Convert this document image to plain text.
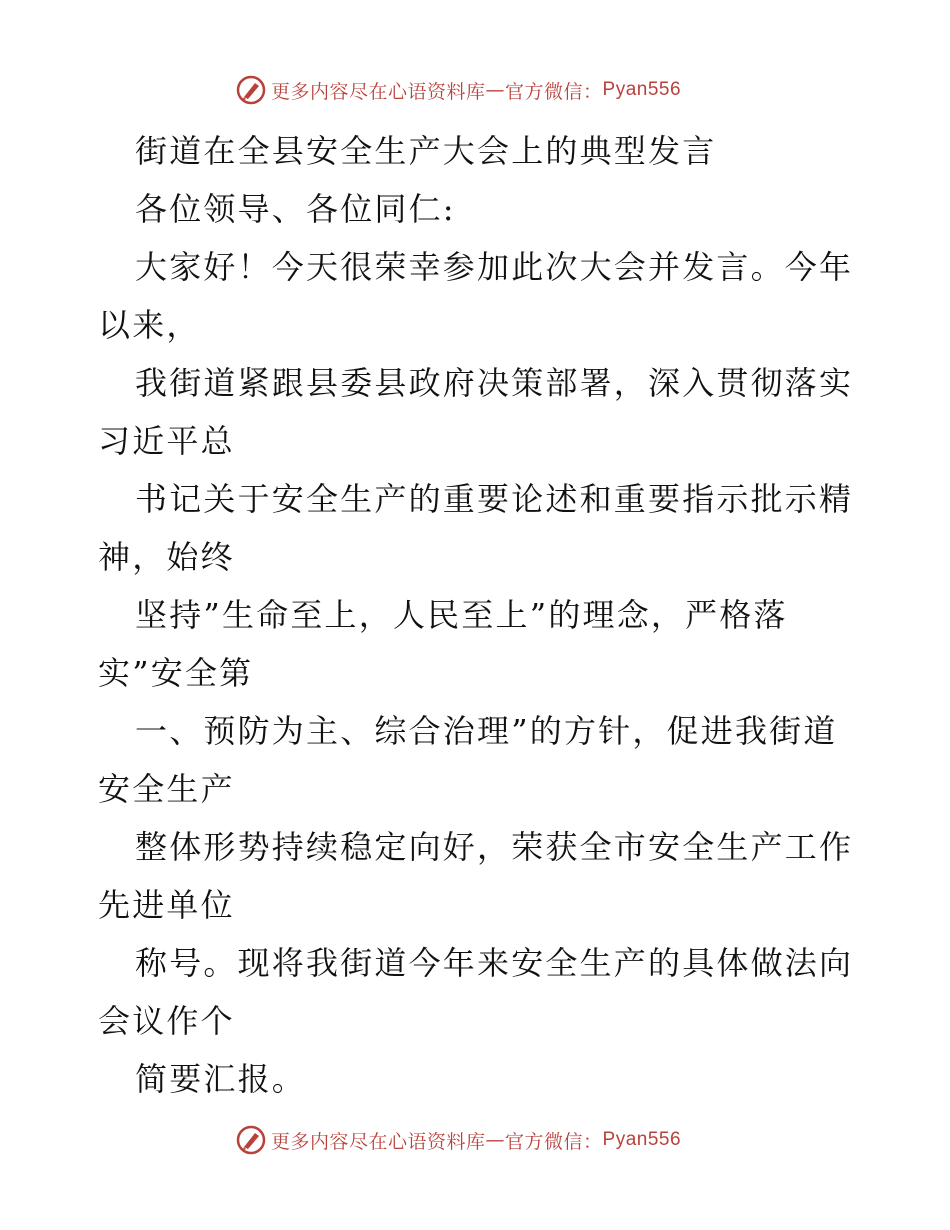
更多内容尽在心语资料库 — 官方微信： Pyan556
街道在全县安全生产大会上的典型发言
各位领导、各位同仁:
大家好！今天很荣幸参加此次大会并发言。今年
以来，
我街道紧跟县委县政府决策部署，深入贯彻落实
习近平总
书记关于安全生产的重要论述和重要指示批示精
神，始终
坚持”生命至上，人民至上”的理念，严格落
实”安全第
一、预防为主、综合治理”的方针，促进我街道
安全生产
整体形势持续稳定向好，荣获全市安全生产工作
先进单位
称号。现将我街道今年来安全生产的具体做法向
会议作个
简要汇报。
更多内容尽在心语资料库 — 官方微信： Pyan556
